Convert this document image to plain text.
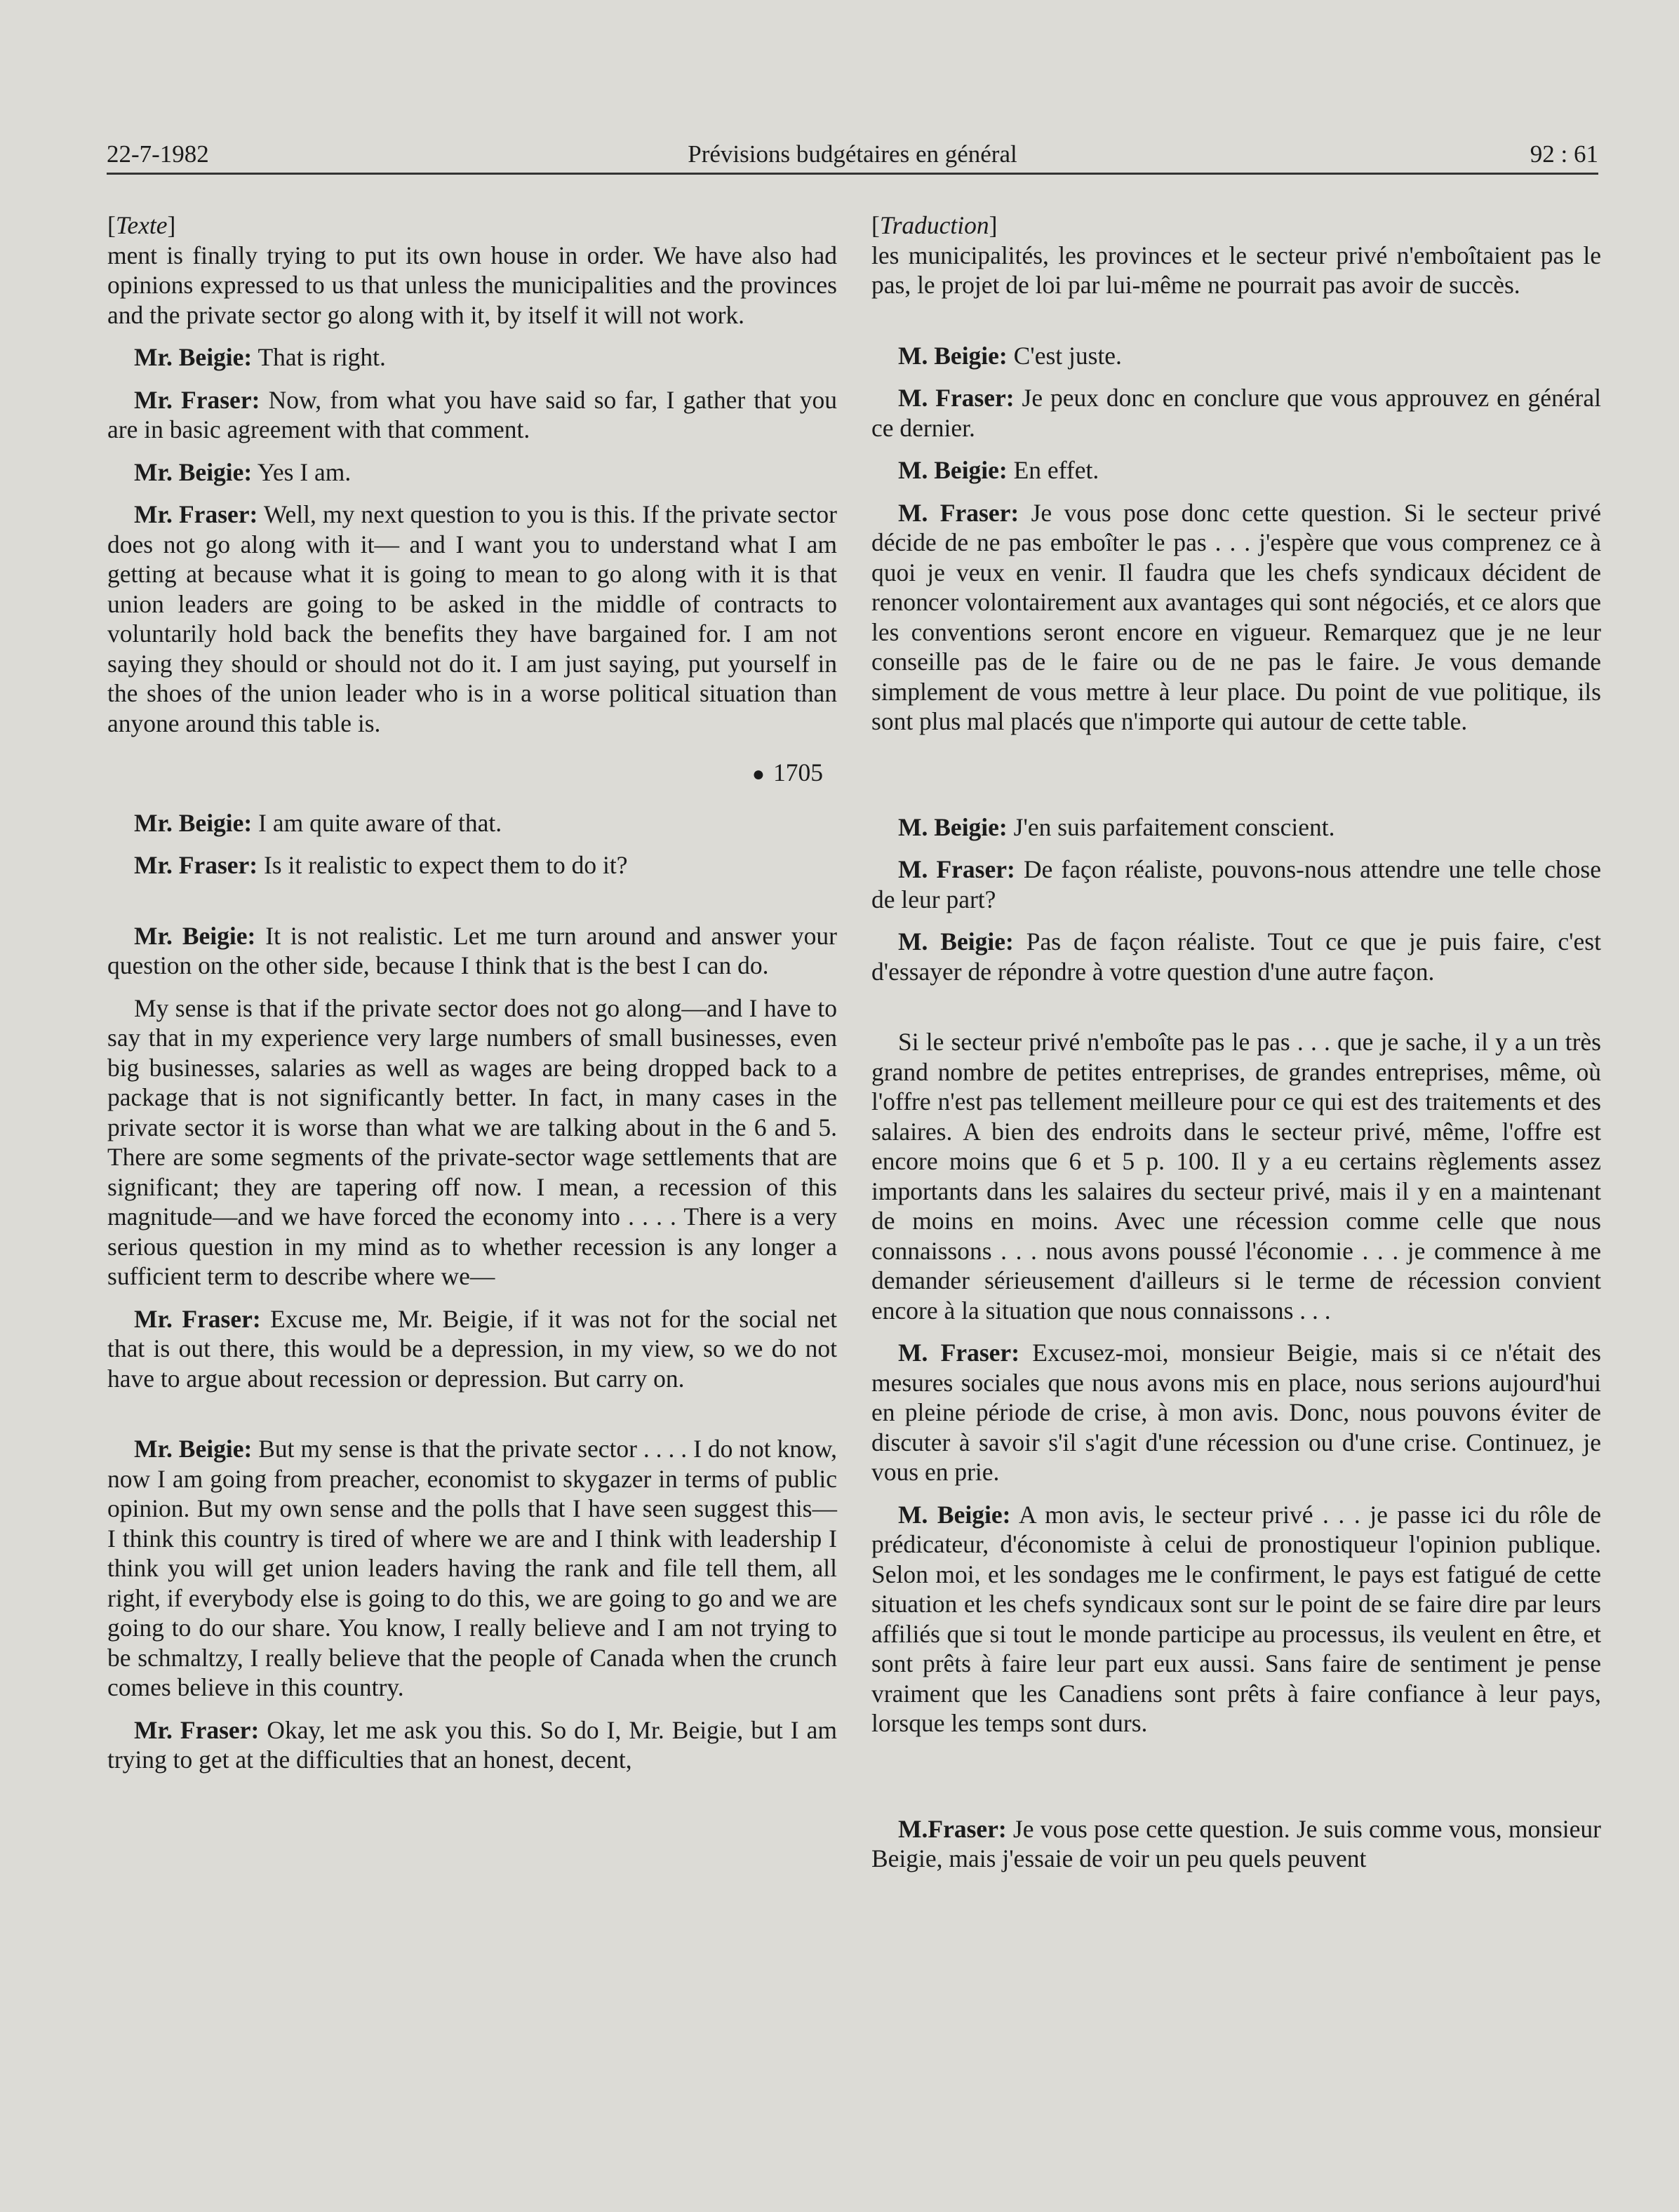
22-7-1982	Prévisions budgétaires en général	92 : 61

[Texte]

ment is finally trying to put its own house in order. We have also had opinions expressed to us that unless the municipalities and the provinces and the private sector go along with it, by itself it will not work.

Mr. Beigie: That is right.

Mr. Fraser: Now, from what you have said so far, I gather that you are in basic agreement with that comment.

Mr. Beigie: Yes I am.

Mr. Fraser: Well, my next question to you is this. If the private sector does not go along with it— and I want you to understand what I am getting at because what it is going to mean to go along with it is that union leaders are going to be asked in the middle of contracts to voluntarily hold back the benefits they have bargained for. I am not saying they should or should not do it. I am just saying, put yourself in the shoes of the union leader who is in a worse political situation than anyone around this table is.

● 1705

Mr. Beigie: I am quite aware of that.

Mr. Fraser: Is it realistic to expect them to do it?

Mr. Beigie: It is not realistic. Let me turn around and answer your question on the other side, because I think that is the best I can do.

My sense is that if the private sector does not go along—and I have to say that in my experience very large numbers of small businesses, even big businesses, salaries as well as wages are being dropped back to a package that is not significantly better. In fact, in many cases in the private sector it is worse than what we are talking about in the 6 and 5. There are some segments of the private-sector wage settlements that are significant; they are tapering off now. I mean, a recession of this magnitude—and we have forced the economy into . . . . There is a very serious question in my mind as to whether recession is any longer a sufficient term to describe where we—

Mr. Fraser: Excuse me, Mr. Beigie, if it was not for the social net that is out there, this would be a depression, in my view, so we do not have to argue about recession or depression. But carry on.

Mr. Beigie: But my sense is that the private sector . . . . I do not know, now I am going from preacher, economist to skygazer in terms of public opinion. But my own sense and the polls that I have seen suggest this— I think this country is tired of where we are and I think with leadership I think you will get union leaders having the rank and file tell them, all right, if everybody else is going to do this, we are going to go and we are going to do our share. You know, I really believe and I am not trying to be schmaltzy, I really believe that the people of Canada when the crunch comes believe in this country.

Mr. Fraser: Okay, let me ask you this. So do I, Mr. Beigie, but I am trying to get at the difficulties that an honest, decent,

[Traduction]

les municipalités, les provinces et le secteur privé n'emboîtaient pas le pas, le projet de loi par lui-même ne pourrait pas avoir de succès.

M. Beigie: C'est juste.

M. Fraser: Je peux donc en conclure que vous approuvez en général ce dernier.

M. Beigie: En effet.

M. Fraser: Je vous pose donc cette question. Si le secteur privé décide de ne pas emboîter le pas . . . j'espère que vous comprenez ce à quoi je veux en venir. Il faudra que les chefs syndicaux décident de renoncer volontairement aux avantages qui sont négociés, et ce alors que les conventions seront encore en vigueur. Remarquez que je ne leur conseille pas de le faire ou de ne pas le faire. Je vous demande simplement de vous mettre à leur place. Du point de vue politique, ils sont plus mal placés que n'importe qui autour de cette table.

M. Beigie: J'en suis parfaitement conscient.

M. Fraser: De façon réaliste, pouvons-nous attendre une telle chose de leur part?

M. Beigie: Pas de façon réaliste. Tout ce que je puis faire, c'est d'essayer de répondre à votre question d'une autre façon.

Si le secteur privé n'emboîte pas le pas . . . que je sache, il y a un très grand nombre de petites entreprises, de grandes entreprises, même, où l'offre n'est pas tellement meilleure pour ce qui est des traitements et des salaires. A bien des endroits dans le secteur privé, même, l'offre est encore moins que 6 et 5 p. 100. Il y a eu certains règlements assez importants dans les salaires du secteur privé, mais il y en a maintenant de moins en moins. Avec une récession comme celle que nous connaissons . . . nous avons poussé l'économie . . . je commence à me demander sérieusement d'ailleurs si le terme de récession convient encore à la situation que nous connaissons . . .

M. Fraser: Excusez-moi, monsieur Beigie, mais si ce n'était des mesures sociales que nous avons mis en place, nous serions aujourd'hui en pleine période de crise, à mon avis. Donc, nous pouvons éviter de discuter à savoir s'il s'agit d'une récession ou d'une crise. Continuez, je vous en prie.

M. Beigie: A mon avis, le secteur privé . . . je passe ici du rôle de prédicateur, d'économiste à celui de pronostiqueur l'opinion publique. Selon moi, et les sondages me le confirment, le pays est fatigué de cette situation et les chefs syndicaux sont sur le point de se faire dire par leurs affiliés que si tout le monde participe au processus, ils veulent en être, et sont prêts à faire leur part eux aussi. Sans faire de sentiment je pense vraiment que les Canadiens sont prêts à faire confiance à leur pays, lorsque les temps sont durs.

M.Fraser: Je vous pose cette question. Je suis comme vous, monsieur Beigie, mais j'essaie de voir un peu quels peuvent
